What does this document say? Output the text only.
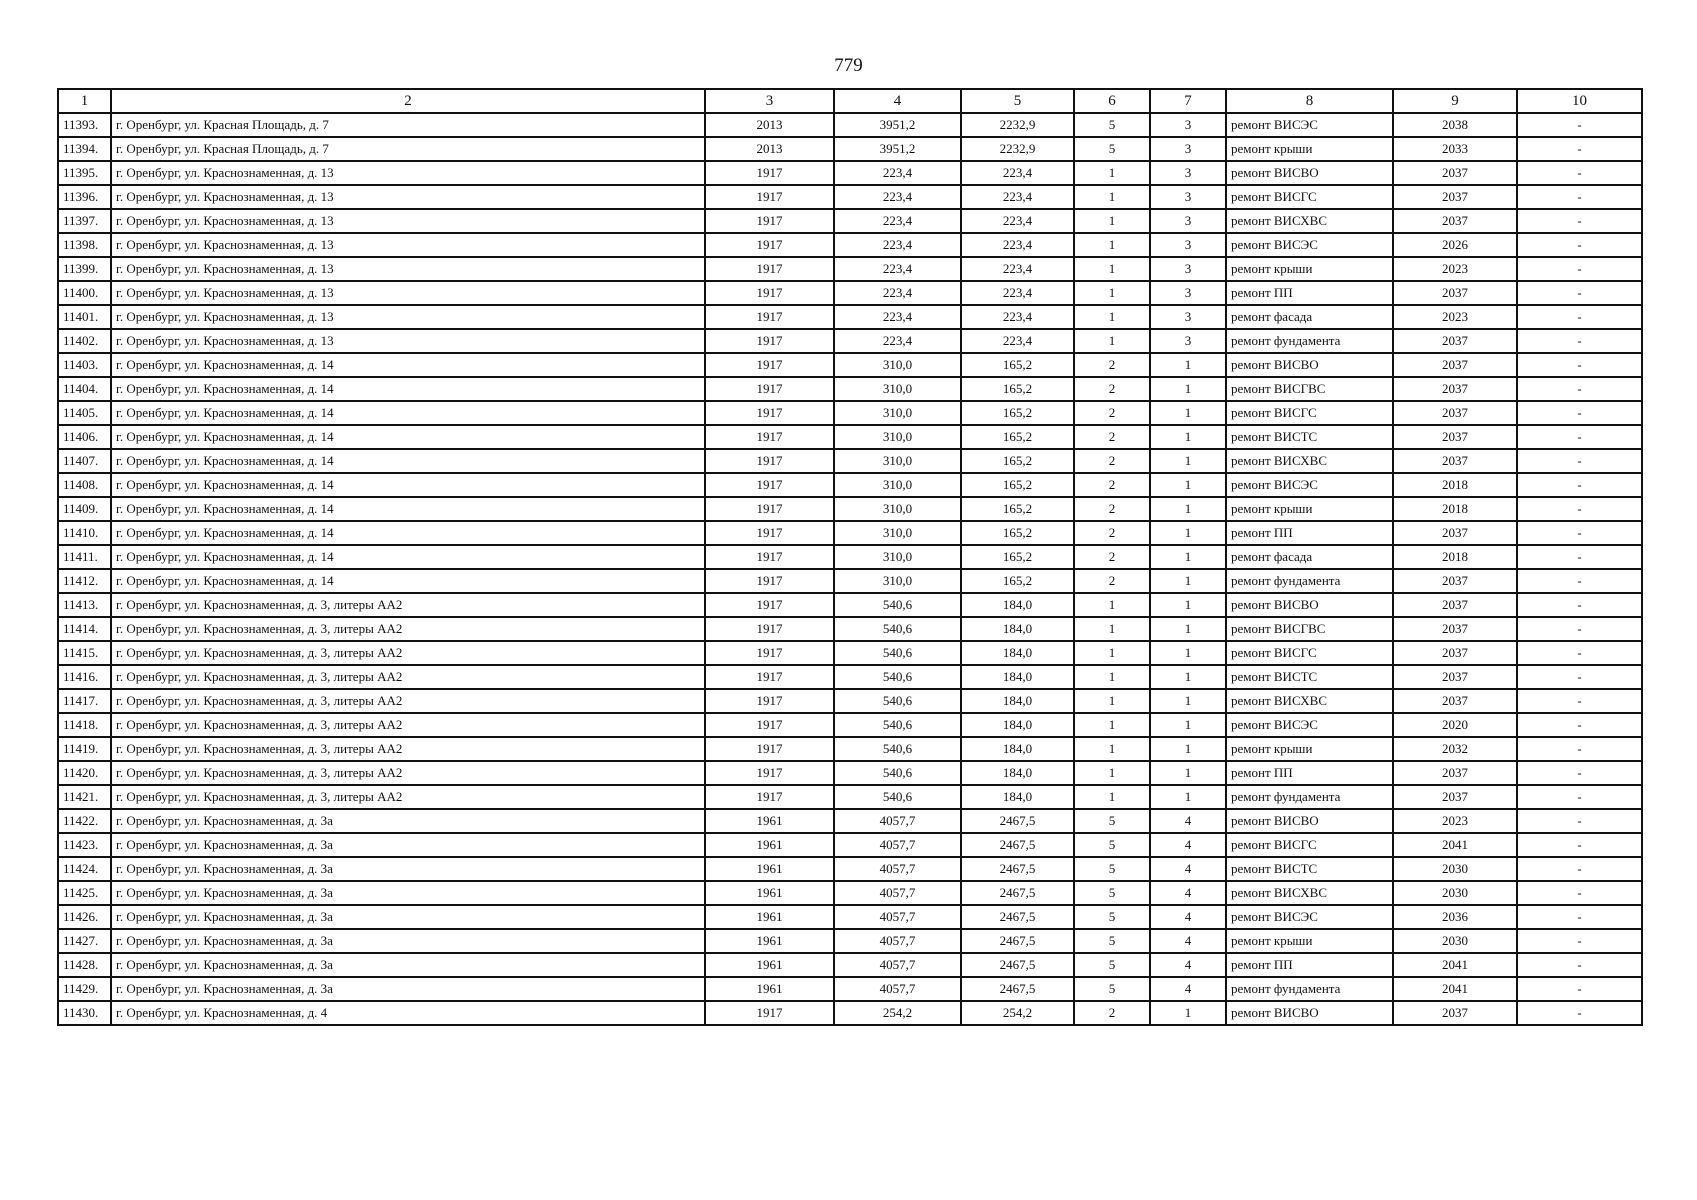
779
1	2	3	4	5	6	7	8	9	10
11393.	г. Оренбург, ул. Красная Площадь, д. 7	2013	3951,2	2232,9	5	3	ремонт ВИСЭС	2038	-
11394.	г. Оренбург, ул. Красная Площадь, д. 7	2013	3951,2	2232,9	5	3	ремонт крыши	2033	-
11395.	г. Оренбург, ул. Краснознаменная, д. 13	1917	223,4	223,4	1	3	ремонт ВИСВО	2037	-
11396.	г. Оренбург, ул. Краснознаменная, д. 13	1917	223,4	223,4	1	3	ремонт ВИСГС	2037	-
11397.	г. Оренбург, ул. Краснознаменная, д. 13	1917	223,4	223,4	1	3	ремонт ВИСХВС	2037	-
11398.	г. Оренбург, ул. Краснознаменная, д. 13	1917	223,4	223,4	1	3	ремонт ВИСЭС	2026	-
11399.	г. Оренбург, ул. Краснознаменная, д. 13	1917	223,4	223,4	1	3	ремонт крыши	2023	-
11400.	г. Оренбург, ул. Краснознаменная, д. 13	1917	223,4	223,4	1	3	ремонт ПП	2037	-
11401.	г. Оренбург, ул. Краснознаменная, д. 13	1917	223,4	223,4	1	3	ремонт фасада	2023	-
11402.	г. Оренбург, ул. Краснознаменная, д. 13	1917	223,4	223,4	1	3	ремонт фундамента	2037	-
11403.	г. Оренбург, ул. Краснознаменная, д. 14	1917	310,0	165,2	2	1	ремонт ВИСВО	2037	-
11404.	г. Оренбург, ул. Краснознаменная, д. 14	1917	310,0	165,2	2	1	ремонт ВИСГВС	2037	-
11405.	г. Оренбург, ул. Краснознаменная, д. 14	1917	310,0	165,2	2	1	ремонт ВИСГС	2037	-
11406.	г. Оренбург, ул. Краснознаменная, д. 14	1917	310,0	165,2	2	1	ремонт ВИСТС	2037	-
11407.	г. Оренбург, ул. Краснознаменная, д. 14	1917	310,0	165,2	2	1	ремонт ВИСХВС	2037	-
11408.	г. Оренбург, ул. Краснознаменная, д. 14	1917	310,0	165,2	2	1	ремонт ВИСЭС	2018	-
11409.	г. Оренбург, ул. Краснознаменная, д. 14	1917	310,0	165,2	2	1	ремонт крыши	2018	-
11410.	г. Оренбург, ул. Краснознаменная, д. 14	1917	310,0	165,2	2	1	ремонт ПП	2037	-
11411.	г. Оренбург, ул. Краснознаменная, д. 14	1917	310,0	165,2	2	1	ремонт фасада	2018	-
11412.	г. Оренбург, ул. Краснознаменная, д. 14	1917	310,0	165,2	2	1	ремонт фундамента	2037	-
11413.	г. Оренбург, ул. Краснознаменная, д. 3, литеры АА2	1917	540,6	184,0	1	1	ремонт ВИСВО	2037	-
11414.	г. Оренбург, ул. Краснознаменная, д. 3, литеры АА2	1917	540,6	184,0	1	1	ремонт ВИСГВС	2037	-
11415.	г. Оренбург, ул. Краснознаменная, д. 3, литеры АА2	1917	540,6	184,0	1	1	ремонт ВИСГС	2037	-
11416.	г. Оренбург, ул. Краснознаменная, д. 3, литеры АА2	1917	540,6	184,0	1	1	ремонт ВИСТС	2037	-
11417.	г. Оренбург, ул. Краснознаменная, д. 3, литеры АА2	1917	540,6	184,0	1	1	ремонт ВИСХВС	2037	-
11418.	г. Оренбург, ул. Краснознаменная, д. 3, литеры АА2	1917	540,6	184,0	1	1	ремонт ВИСЭС	2020	-
11419.	г. Оренбург, ул. Краснознаменная, д. 3, литеры АА2	1917	540,6	184,0	1	1	ремонт крыши	2032	-
11420.	г. Оренбург, ул. Краснознаменная, д. 3, литеры АА2	1917	540,6	184,0	1	1	ремонт ПП	2037	-
11421.	г. Оренбург, ул. Краснознаменная, д. 3, литеры АА2	1917	540,6	184,0	1	1	ремонт фундамента	2037	-
11422.	г. Оренбург, ул. Краснознаменная, д. 3а	1961	4057,7	2467,5	5	4	ремонт ВИСВО	2023	-
11423.	г. Оренбург, ул. Краснознаменная, д. 3а	1961	4057,7	2467,5	5	4	ремонт ВИСГС	2041	-
11424.	г. Оренбург, ул. Краснознаменная, д. 3а	1961	4057,7	2467,5	5	4	ремонт ВИСТС	2030	-
11425.	г. Оренбург, ул. Краснознаменная, д. 3а	1961	4057,7	2467,5	5	4	ремонт ВИСХВС	2030	-
11426.	г. Оренбург, ул. Краснознаменная, д. 3а	1961	4057,7	2467,5	5	4	ремонт ВИСЭС	2036	-
11427.	г. Оренбург, ул. Краснознаменная, д. 3а	1961	4057,7	2467,5	5	4	ремонт крыши	2030	-
11428.	г. Оренбург, ул. Краснознаменная, д. 3а	1961	4057,7	2467,5	5	4	ремонт ПП	2041	-
11429.	г. Оренбург, ул. Краснознаменная, д. 3а	1961	4057,7	2467,5	5	4	ремонт фундамента	2041	-
11430.	г. Оренбург, ул. Краснознаменная, д. 4	1917	254,2	254,2	2	1	ремонт ВИСВО	2037	-
